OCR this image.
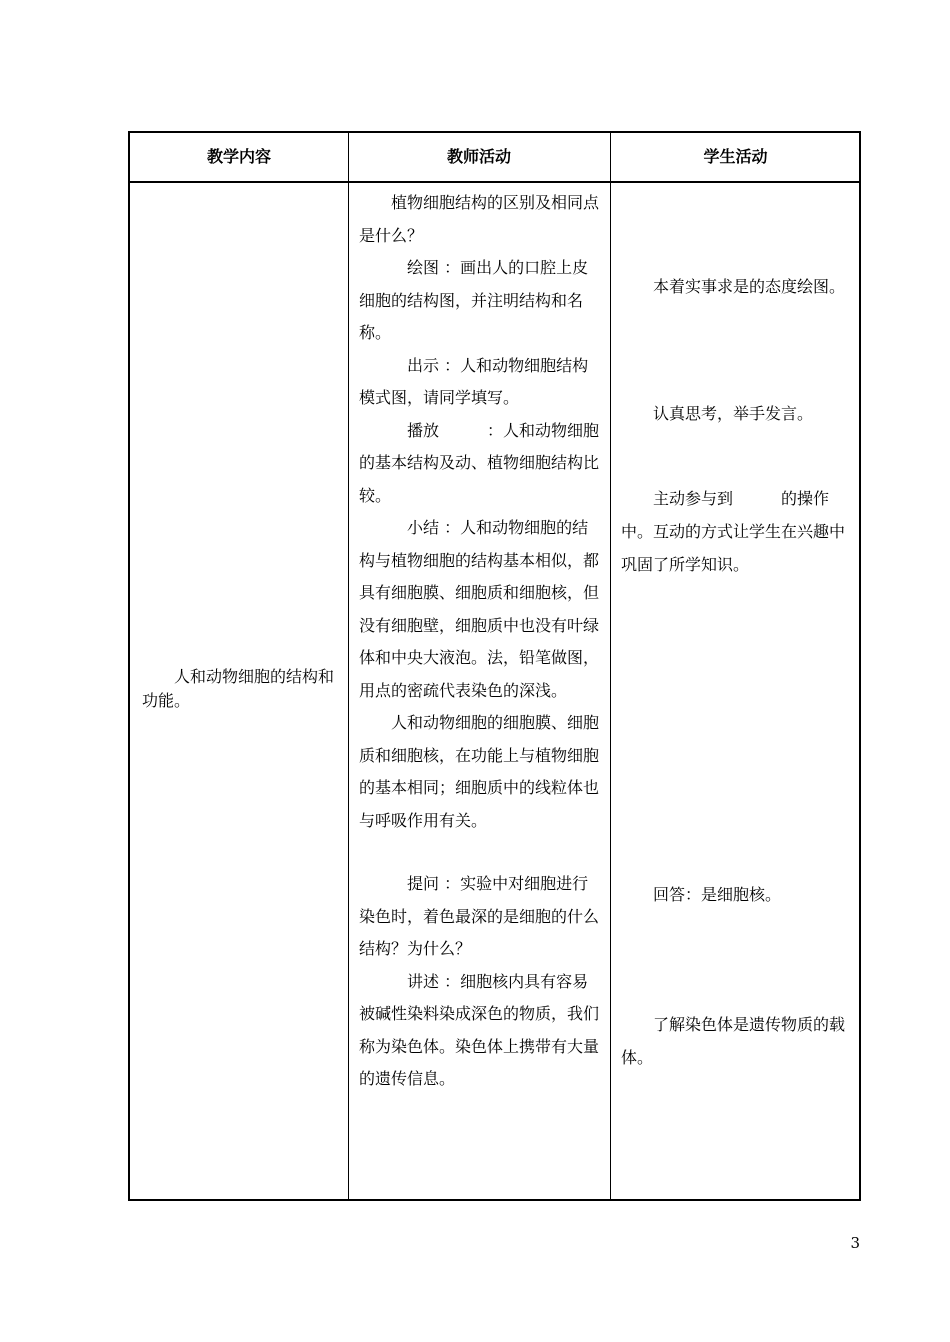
教学内容	教师活动	学生活动
人和动物细胞的结构和功能。

植物细胞结构的区别及相同点是什么？

绘图 ：画出人的口腔上皮细胞的结构图，并注明结构和名称。

出示 ：人和动物细胞结构模式图，请同学填写。

播放　　　：人和动物细胞的基本结构及动、植物细胞结构比较。

小结 ：人和动物细胞的结构与植物细胞的结构基本相似，都具有细胞膜、细胞质和细胞核，但没有细胞壁，细胞质中也没有叶绿体和中央大液泡。法，铅笔做图，用点的密疏代表染色的深浅。

人和动物细胞的细胞膜、细胞质和细胞核，在功能上与植物细胞的基本相同；细胞质中的线粒体也与呼吸作用有关。

提问 ：实验中对细胞进行染色时，着色最深的是细胞的什么结构？为什么？

讲述 ：细胞核内具有容易被碱性染料染成深色的物质，我们称为染色体。染色体上携带有大量的遗传信息。

本着实事求是的态度绘图。

认真思考，举手发言。

主动参与到　　　的操作中。互动的方式让学生在兴趣中巩固了所学知识。

回答：是细胞核。

了解染色体是遗传物质的载体。

3
